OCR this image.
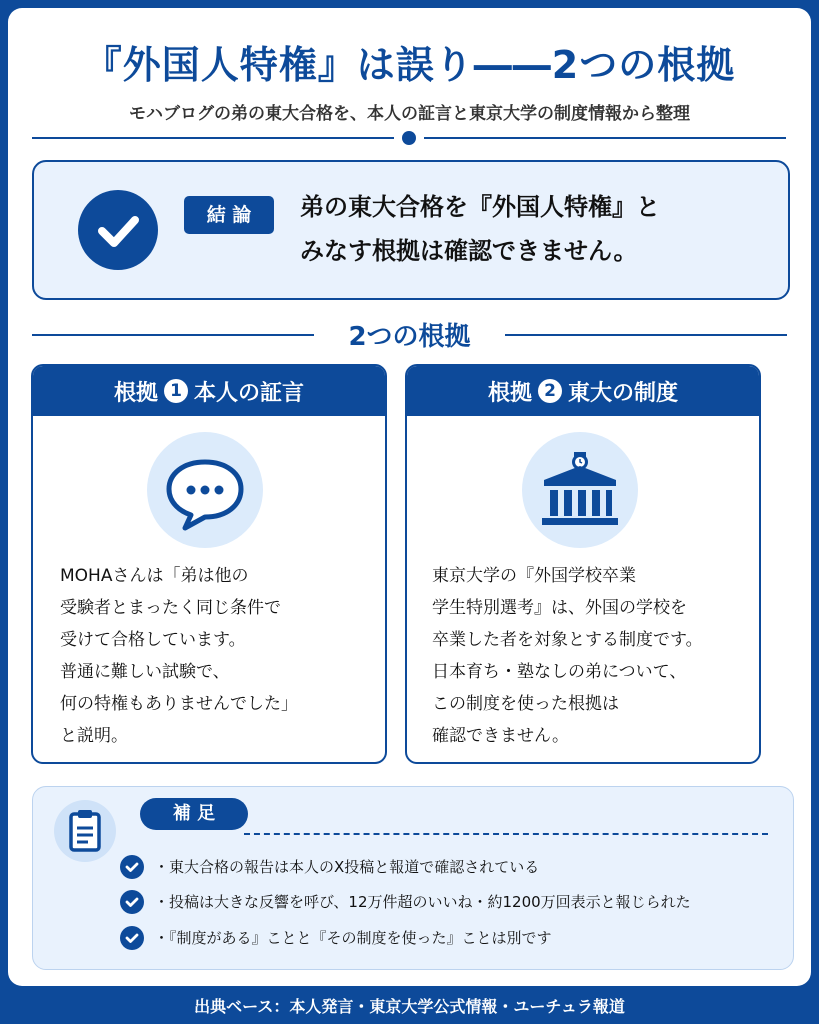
『外国人特権』は誤り――2つの根拠
モハブログの弟の東大合格を、本人の証言と東京大学の制度情報から整理
結 論	弟の東大合格を『外国人特権』と
みなす根拠は確認できません。
2つの根拠
根拠 1 本人の証言
MOHAさんは「弟は他の
受験者とまったく同じ条件で
受けて合格しています。
普通に難しい試験で、
何の特権もありませんでした」
と説明。
根拠 2 東大の制度
東京大学の『外国学校卒業
学生特別選考』は、外国の学校を
卒業した者を対象とする制度です。
日本育ち・塾なしの弟について、
この制度を使った根拠は
確認できません。
補 足
・東大合格の報告は本人のX投稿と報道で確認されている
・投稿は大きな反響を呼び、12万件超のいいね・約1200万回表示と報じられた
・『制度がある』ことと『その制度を使った』ことは別です
出典ベース：本人発言・東京大学公式情報・ユーチュラ報道
